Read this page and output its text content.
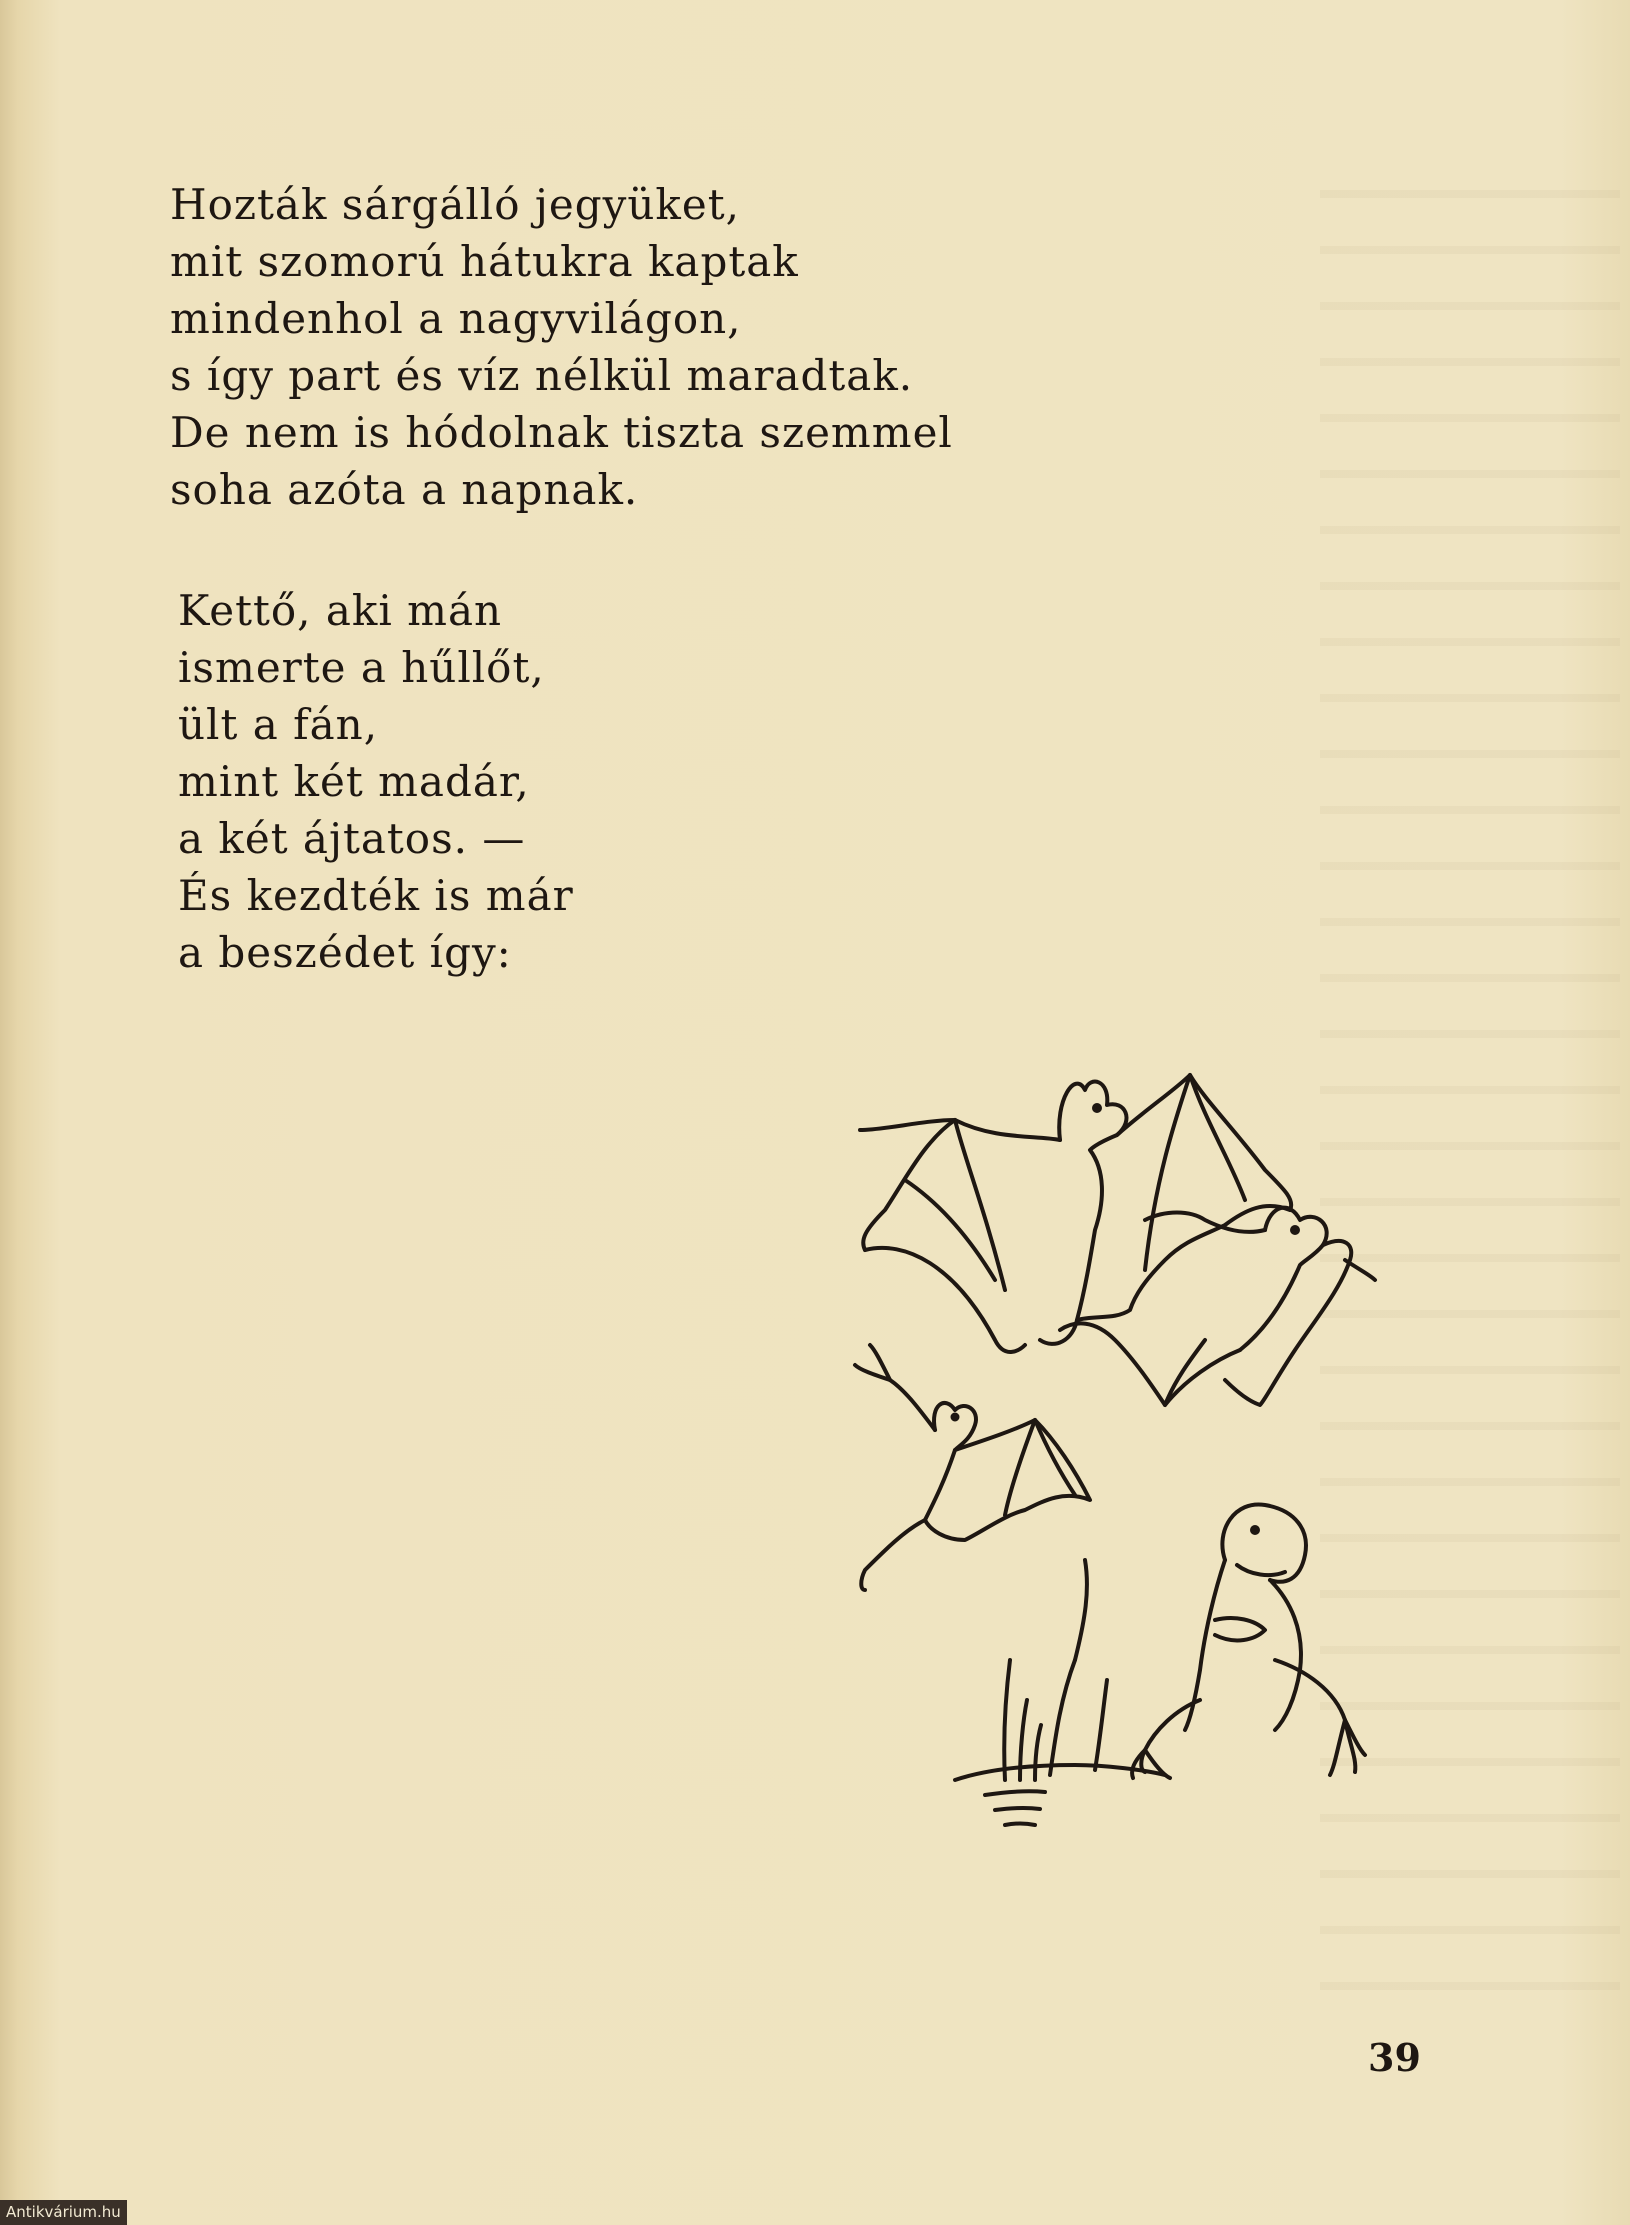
Hozták sárgálló jegyüket,
mit szomorú hátukra kaptak
mindenhol a nagyvilágon,
s így part és víz nélkül maradtak.
De nem is hódolnak tiszta szemmel
soha azóta a napnak.
Kettő, aki mán
ismerte a hűllőt,
ült a fán,
mint két madár,
a két ájtatos. —
És kezdték is már
a beszédet így:
39
Antikvárium.hu
